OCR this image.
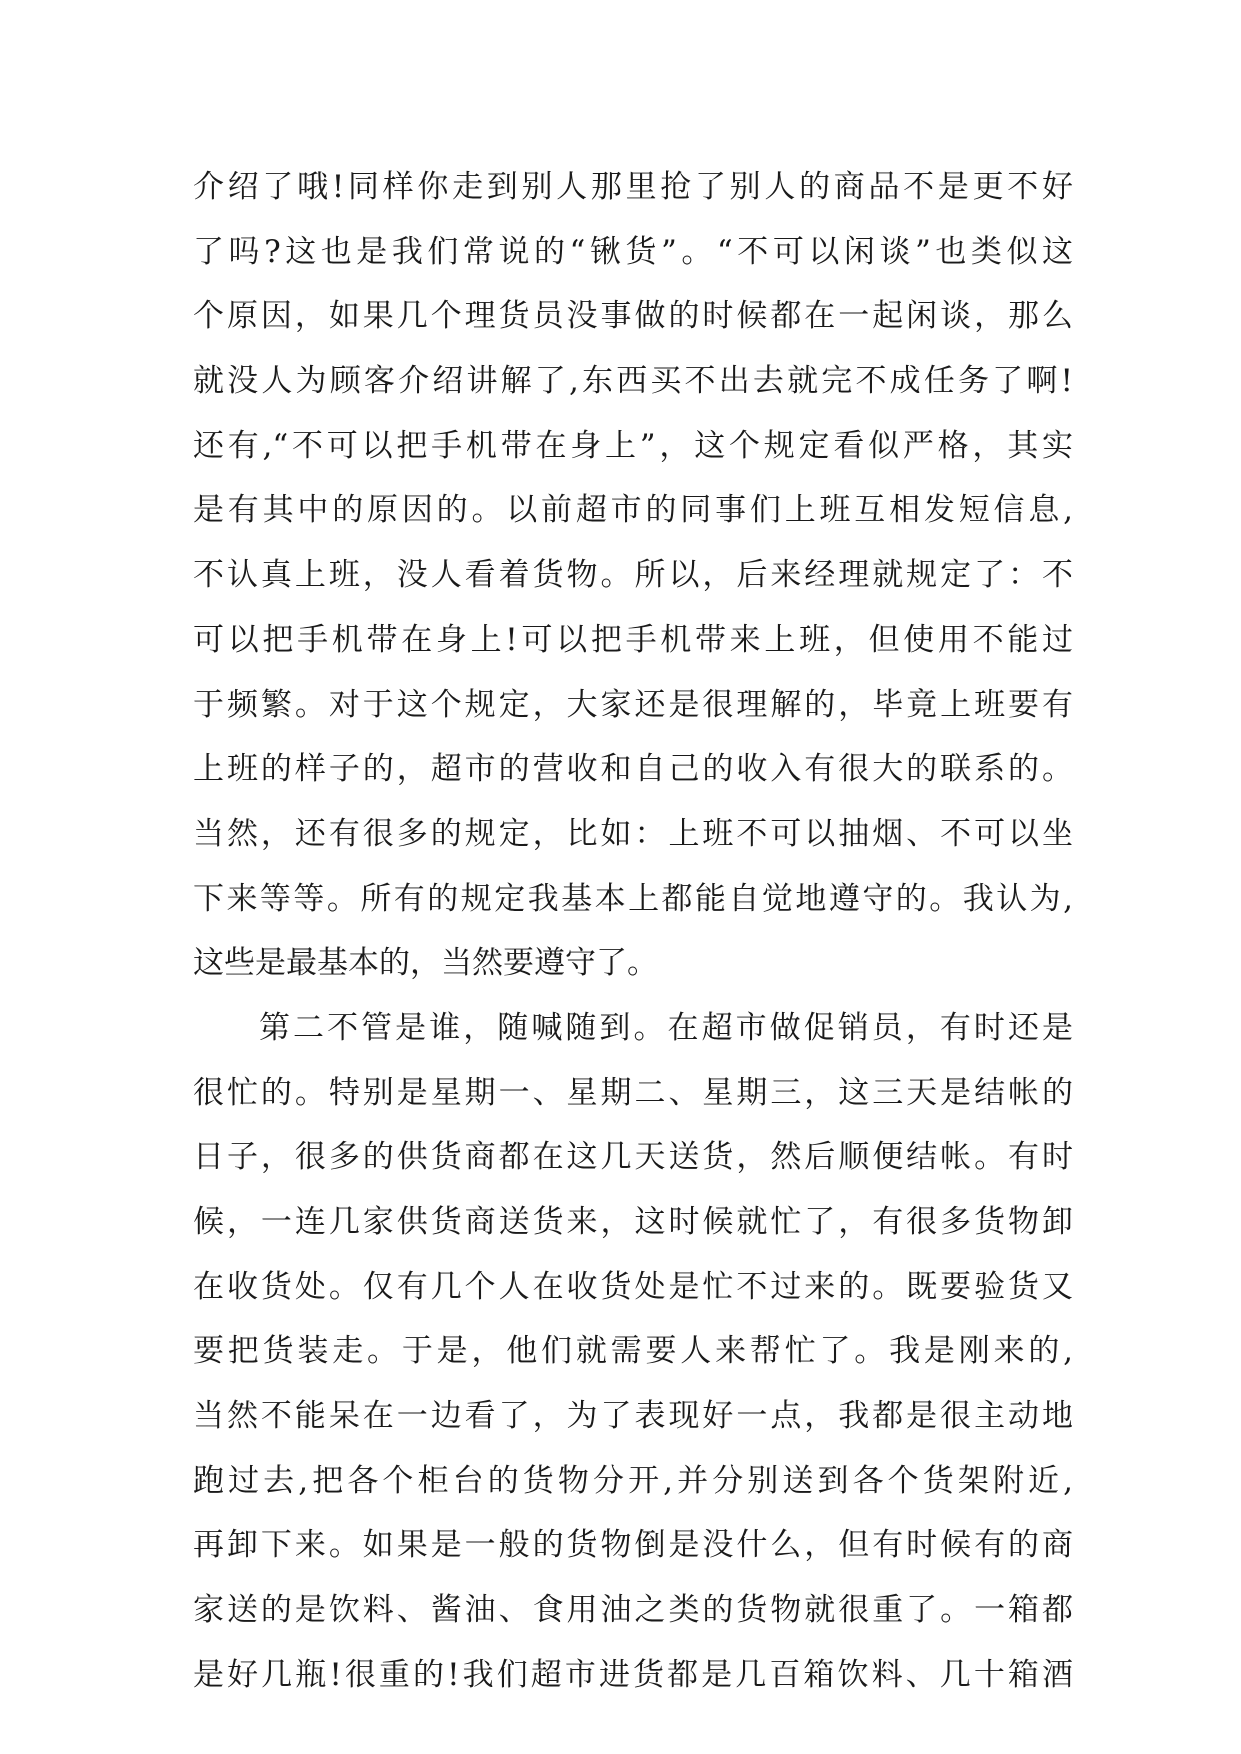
介绍了哦!同样你走到别人那里抢了别人的商品不是更不好
了吗?这也是我们常说的“锹货”。“不可以闲谈”也类似这
个原因，如果几个理货员没事做的时候都在一起闲谈，那么
就没人为顾客介绍讲解了,东西买不出去就完不成任务了啊!
还有,“不可以把手机带在身上”，这个规定看似严格，其实
是有其中的原因的。以前超市的同事们上班互相发短信息,
不认真上班，没人看着货物。所以，后来经理就规定了：不
可以把手机带在身上!可以把手机带来上班，但使用不能过
于频繁。对于这个规定，大家还是很理解的，毕竟上班要有
上班的样子的，超市的营收和自己的收入有很大的联系的。
当然，还有很多的规定，比如：上班不可以抽烟、不可以坐
下来等等。所有的规定我基本上都能自觉地遵守的。我认为,
这些是最基本的，当然要遵守了。
第二不管是谁，随喊随到。在超市做促销员，有时还是
很忙的。特别是星期一、星期二、星期三，这三天是结帐的
日子，很多的供货商都在这几天送货，然后顺便结帐。有时
候，一连几家供货商送货来，这时候就忙了，有很多货物卸
在收货处。仅有几个人在收货处是忙不过来的。既要验货又
要把货装走。于是，他们就需要人来帮忙了。我是刚来的,
当然不能呆在一边看了，为了表现好一点，我都是很主动地
跑过去,把各个柜台的货物分开,并分别送到各个货架附近,
再卸下来。如果是一般的货物倒是没什么，但有时候有的商
家送的是饮料、酱油、食用油之类的货物就很重了。一箱都
是好几瓶!很重的!我们超市进货都是几百箱饮料、几十箱酒
